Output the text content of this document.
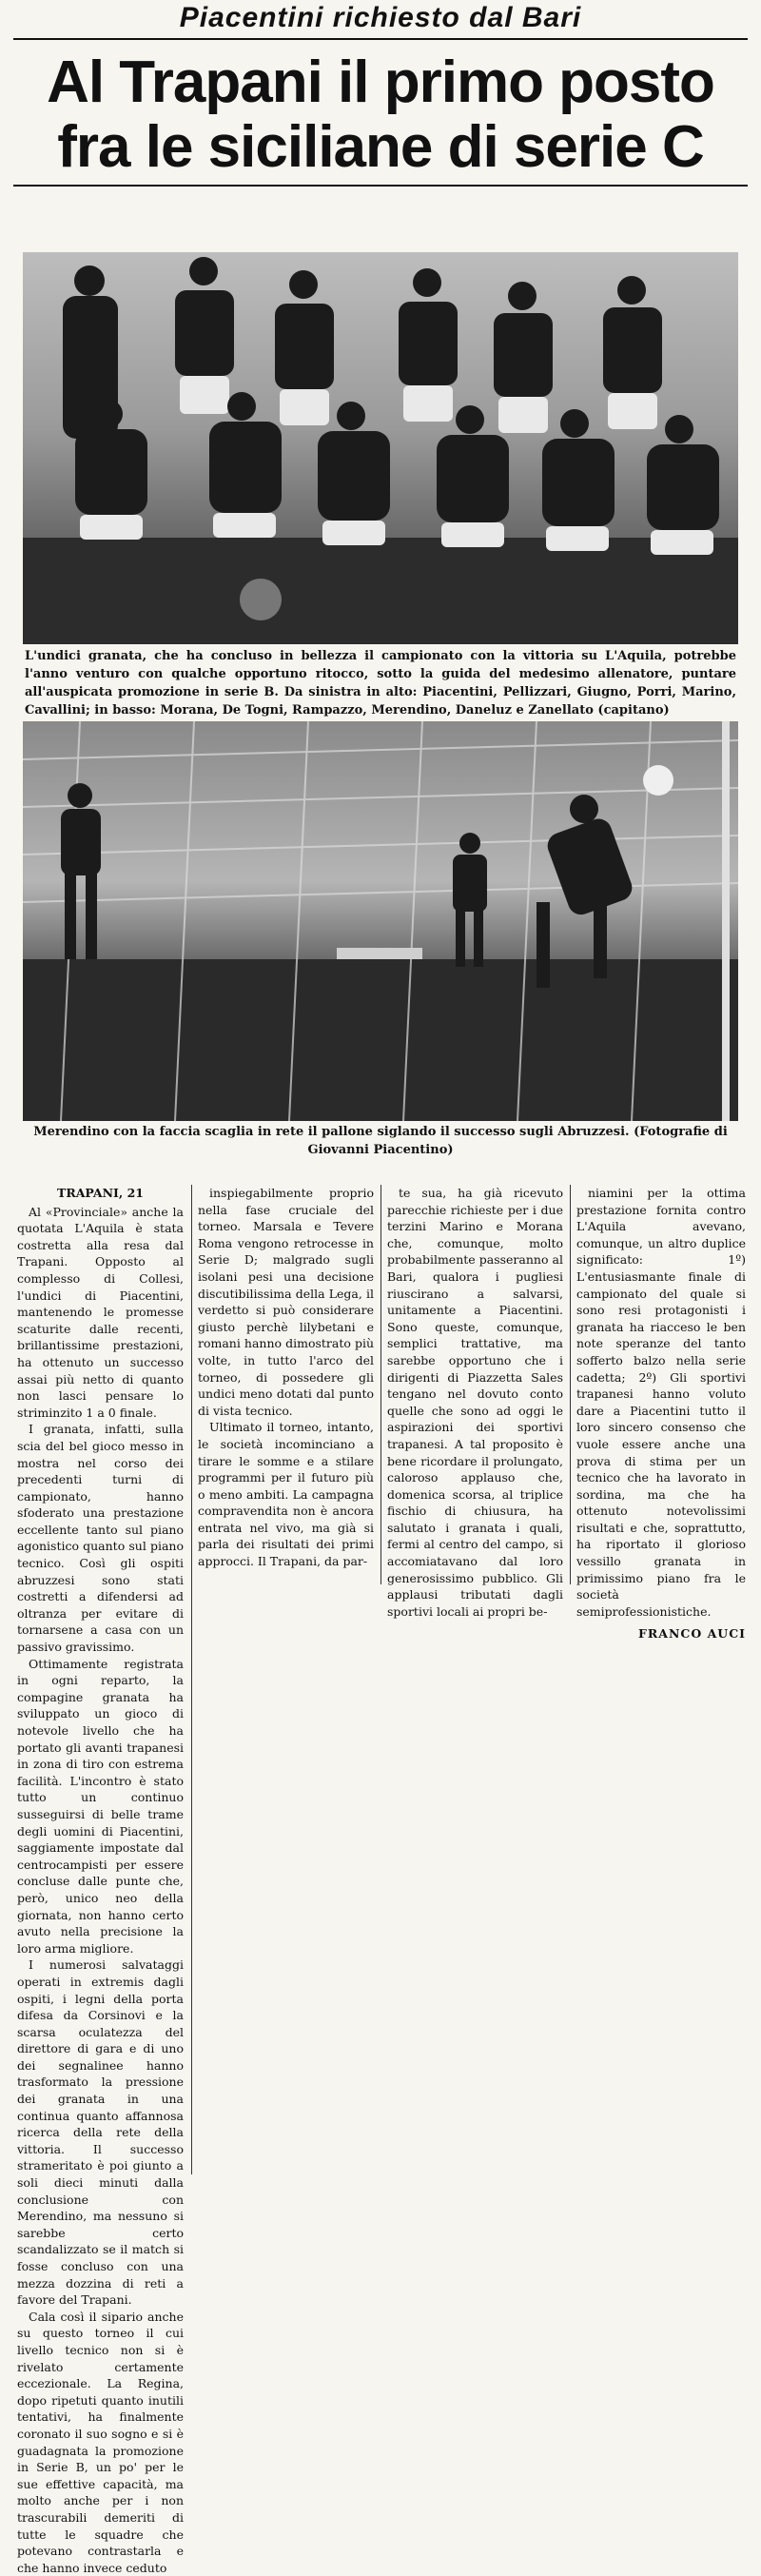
Piacentini richiesto dal Bari
Al Trapani il primo posto
fra le siciliane di serie C
L'undici granata, che ha concluso in bellezza il campionato con la vittoria su L'Aquila, potrebbe l'anno venturo con qualche opportuno ritocco, sotto la guida del medesimo allenatore, puntare all'auspicata promozione in serie B. Da sinistra in alto: Piacentini, Pellizzari, Giugno, Porri, Marino, Cavallini; in basso: Morana, De Togni, Rampazzo, Merendino, Daneluz e Zanellato (capitano)
Merendino con la faccia scaglia in rete il pallone siglando il successo sugli Abruzzesi. (Fotografie di Giovanni Piacentino)
TRAPANI, 21

Al «Provinciale» anche la quotata L'Aquila è stata costretta alla resa dal Trapani. Opposto al complesso di Collesi, l'undici di Piacentini, mantenendo le promesse scaturite dalle recenti, brillantissime prestazioni, ha ottenuto un successo assai più netto di quanto non lasci pensare lo striminzito 1 a 0 finale.

I granata, infatti, sulla scia del bel gioco messo in mostra nel corso dei precedenti turni di campionato, hanno sfoderato una prestazione eccellente tanto sul piano agonistico quanto sul piano tecnico. Così gli ospiti abruzzesi sono stati costretti a difendersi ad oltranza per evitare di tornarsene a casa con un passivo gravissimo.

Ottimamente registrata in ogni reparto, la compagine granata ha sviluppato un gioco di notevole livello che ha portato gli avanti trapanesi in zona di tiro con estrema facilità. L'incontro è stato tutto un continuo susseguirsi di belle trame degli uomini di Piacentini, saggiamente impostate dal centrocampisti per essere concluse dalle punte che, però, unico neo della giornata, non hanno certo avuto nella precisione la loro arma migliore.

I numerosi salvataggi operati in extremis dagli ospiti, i legni della porta difesa da Corsinovi e la scarsa oculatezza del direttore di gara e di uno dei segnalinee hanno trasformato la pressione dei granata in una continua quanto affannosa ricerca della rete della vittoria. Il successo strameritato è poi giunto a soli dieci minuti dalla conclusione con Merendino, ma nessuno si sarebbe certo scandalizzato se il match si fosse concluso con una mezza dozzina di reti a favore del Trapani.

Cala così il sipario anche su questo torneo il cui livello tecnico non si è rivelato certamente eccezionale. La Regina, dopo ripetuti quanto inutili tentativi, ha finalmente coronato il suo sogno e si è guadagnata la promozione in Serie B, un po' per le sue effettive capacità, ma molto anche per i non trascurabili demeriti di tutte le squadre che potevano contrastarla e che hanno invece ceduto

inspiegabilmente proprio nella fase cruciale del torneo. Marsala e Tevere Roma vengono retrocesse in Serie D; malgrado sugli isolani pesi una decisione discutibilissima della Lega, il verdetto si può considerare giusto perchè lilybetani e romani hanno dimostrato più volte, in tutto l'arco del torneo, di possedere gli undici meno dotati dal punto di vista tecnico.

Ultimato il torneo, intanto, le società incominciano a tirare le somme e a stilare programmi per il futuro più o meno ambiti. La campagna compravendita non è ancora entrata nel vivo, ma già si parla dei risultati dei primi approcci. Il Trapani, da par-

te sua, ha già ricevuto parecchie richieste per i due terzini Marino e Morana che, comunque, molto probabilmente passeranno al Bari, qualora i pugliesi riuscirano a salvarsi, unitamente a Piacentini. Sono queste, comunque, semplici trattative, ma sarebbe opportuno che i dirigenti di Piazzetta Sales tengano nel dovuto conto quelle che sono ad oggi le aspirazioni dei sportivi trapanesi. A tal proposito è bene ricordare il prolungato, caloroso applauso che, domenica scorsa, al triplice fischio di chiusura, ha salutato i granata i quali, fermi al centro del campo, si accomiatavano dal loro generosissimo pubblico. Gli applausi tributati dagli sportivi locali ai propri be-

niamini per la ottima prestazione fornita contro L'Aquila avevano, comunque, un altro duplice significato: 1º) L'entusiasmante finale di campionato del quale si sono resi protagonisti i granata ha riacceso le ben note speranze del tanto sofferto balzo nella serie cadetta; 2º) Gli sportivi trapanesi hanno voluto dare a Piacentini tutto il loro sincero consenso che vuole essere anche una prova di stima per un tecnico che ha lavorato in sordina, ma che ha ottenuto notevolissimi risultati e che, soprattutto, ha riportato il glorioso vessillo granata in primissimo piano fra le società semiprofessionistiche.

FRANCO AUCI
